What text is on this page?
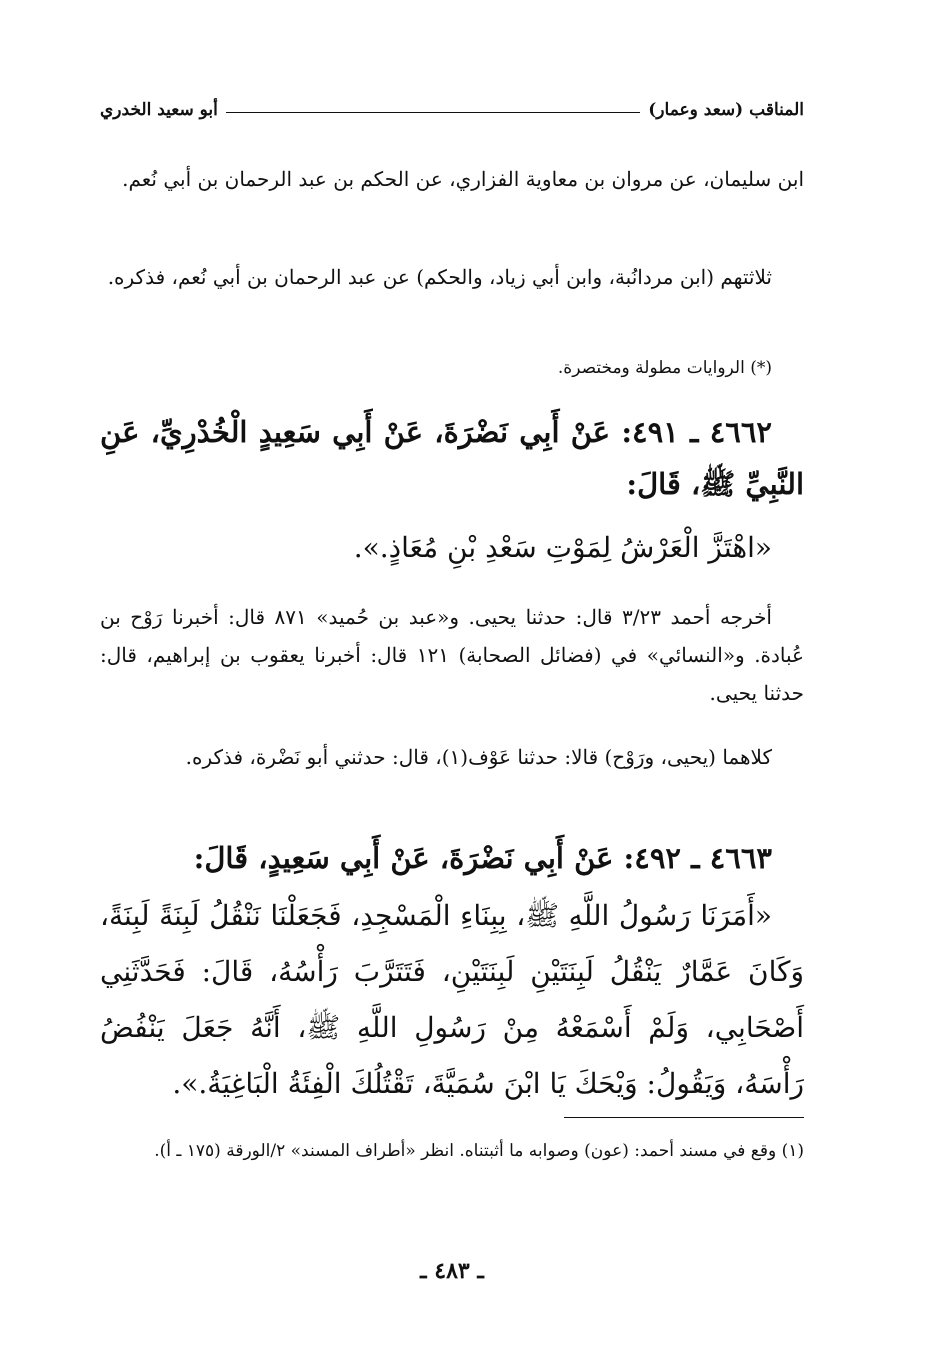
المناقب (سعد وعمار)
أبو سعيد الخدري

ابن سليمان، عن مروان بن معاوية الفزاري، عن الحكم بن عبد الرحمان بن أبي نُعم.

ثلاثتهم (ابن مردانُبة، وابن أبي زياد، والحكم) عن عبد الرحمان بن أبي نُعم، فذكره.

(*) الروايات مطولة ومختصرة.

٤٦٦٢ ـ ٤٩١: عَنْ أَبِي نَضْرَةَ، عَنْ أَبِي سَعِيدٍ الْخُدْرِيِّ، عَنِ النَّبِيِّ ﷺ، قَالَ:

«اهْتَزَّ الْعَرْشُ لِمَوْتِ سَعْدِ بْنِ مُعَاذٍ.».

أخرجه أحمد ٣/٢٣ قال: حدثنا يحيى. و«عبد بن حُميد» ٨٧١ قال: أخبرنا رَوْح بن عُبادة. و«النسائي» في (فضائل الصحابة) ١٢١ قال: أخبرنا يعقوب بن إبراهيم، قال: حدثنا يحيى.

كلاهما (يحيى، ورَوْح) قالا: حدثنا عَوْف(١)، قال: حدثني أبو نَضْرة، فذكره.

٤٦٦٣ ـ ٤٩٢: عَنْ أَبِي نَضْرَةَ، عَنْ أَبِي سَعِيدٍ، قَالَ:

«أَمَرَنَا رَسُولُ اللَّهِ ﷺ، بِبِنَاءِ الْمَسْجِدِ، فَجَعَلْنَا نَنْقُلُ لَبِنَةً لَبِنَةً، وَكَانَ عَمَّارٌ يَنْقُلُ لَبِنَتَيْنِ لَبِنَتَيْنِ، فَتَتَرَّبَ رَأْسُهُ، قَالَ: فَحَدَّثَنِي أَصْحَابِي، وَلَمْ أَسْمَعْهُ مِنْ رَسُولِ اللَّهِ ﷺ، أَنَّهُ جَعَلَ يَنْفُضُ رَأْسَهُ، وَيَقُولُ: وَيْحَكَ يَا ابْنَ سُمَيَّةَ، تَقْتُلُكَ الْفِئَةُ الْبَاغِيَةُ.».

(١) وقع في مسند أحمد: (عون) وصوابه ما أثبتناه. انظر «أطراف المسند» ٢/الورقة (١٧٥ ـ أ).

ـ ٤٨٣ ـ
